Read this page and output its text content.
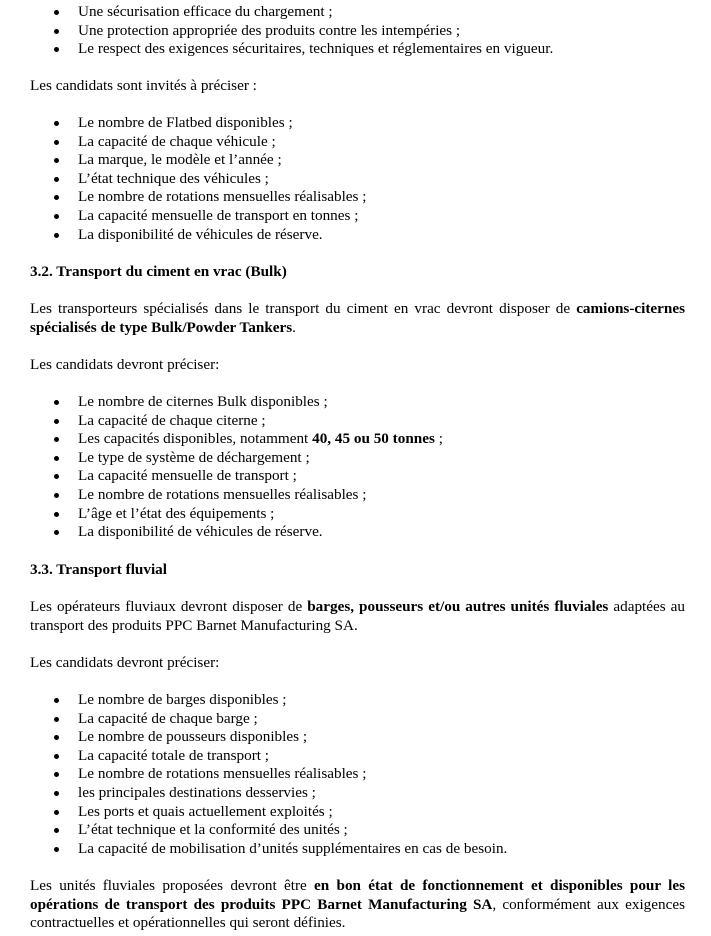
Une sécurisation efficace du chargement ;
Une protection appropriée des produits contre les intempéries ;
Le respect des exigences sécuritaires, techniques et réglementaires en vigueur.

Les candidats sont invités à préciser :

Le nombre de Flatbed disponibles ;
La capacité de chaque véhicule ;
La marque, le modèle et l’année ;
L’état technique des véhicules ;
Le nombre de rotations mensuelles réalisables ;
La capacité mensuelle de transport en tonnes ;
La disponibilité de véhicules de réserve.

3.2. Transport du ciment en vrac (Bulk)

Les transporteurs spécialisés dans le transport du ciment en vrac devront disposer de camions-citernes spécialisés de type Bulk/Powder Tankers.

Les candidats devront préciser:

Le nombre de citernes Bulk disponibles ;
La capacité de chaque citerne ;
Les capacités disponibles, notamment 40, 45 ou 50 tonnes ;
Le type de système de déchargement ;
La capacité mensuelle de transport ;
Le nombre de rotations mensuelles réalisables ;
L’âge et l’état des équipements ;
La disponibilité de véhicules de réserve.

3.3. Transport fluvial

Les opérateurs fluviaux devront disposer de barges, pousseurs et/ou autres unités fluviales adaptées au transport des produits PPC Barnet Manufacturing SA.

Les candidats devront préciser:

Le nombre de barges disponibles ;
La capacité de chaque barge ;
Le nombre de pousseurs disponibles ;
La capacité totale de transport ;
Le nombre de rotations mensuelles réalisables ;
les principales destinations desservies ;
Les ports et quais actuellement exploités ;
L’état technique et la conformité des unités ;
La capacité de mobilisation d’unités supplémentaires en cas de besoin.

Les unités fluviales proposées devront être en bon état de fonctionnement et disponibles pour les opérations de transport des produits PPC Barnet Manufacturing SA, conformément aux exigences contractuelles et opérationnelles qui seront définies.
